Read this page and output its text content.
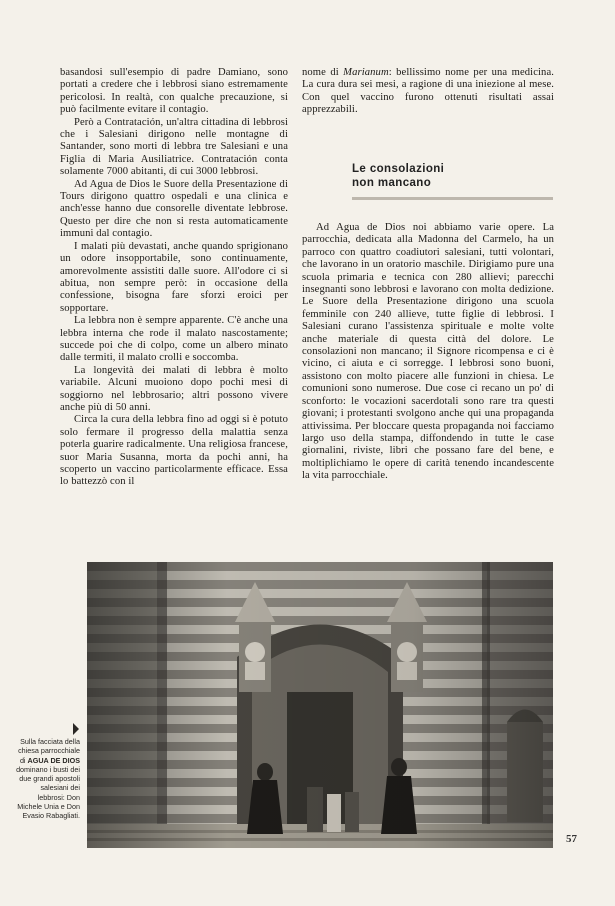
basandosi sull'esempio di padre Damiano, sono portati a credere che i lebbrosi siano estremamente pericolosi. In realtà, con qualche precauzione, si può facilmente evitare il contagio.

Però a Contratación, un'altra cittadina di lebbrosi che i Salesiani dirigono nelle montagne di Santander, sono morti di lebbra tre Salesiani e una Figlia di Maria Ausiliatrice. Contratación conta solamente 7000 abitanti, di cui 3000 lebbrosi.

Ad Agua de Dios le Suore della Presentazione di Tours dirigono quattro ospedali e una clinica e anch'esse hanno due consorelle diventate lebbrose. Questo per dire che non si resta automaticamente immuni dal contagio.

I malati più devastati, anche quando sprigionano un odore insopportabile, sono continuamente, amorevolmente assistiti dalle suore. All'odore ci si abitua, non sempre però: in occasione della confessione, bisogna fare sforzi eroici per sopportare.

La lebbra non è sempre apparente. C'è anche una lebbra interna che rode il malato nascostamente; succede poi che di colpo, come un albero minato dalle termiti, il malato crolli e soccomba.

La longevità dei malati di lebbra è molto variabile. Alcuni muoiono dopo pochi mesi di soggiorno nel lebbrosario; altri possono vivere anche più di 50 anni.

Circa la cura della lebbra fino ad oggi si è potuto solo fermare il progresso della malattia senza poterla guarire radicalmente. Una religiosa francese, suor Maria Susanna, morta da pochi anni, ha scoperto un vaccino particolarmente efficace. Essa lo battezzò con il

nome di Marianum: bellissimo nome per una medicina. La cura dura sei mesi, a ragione di una iniezione al mese. Con quel vaccino furono ottenuti risultati assai apprezzabili.

Le consolazioni
non mancano

Ad Agua de Dios noi abbiamo varie opere. La parrocchia, dedicata alla Madonna del Carmelo, ha un parroco con quattro coadiutori salesiani, tutti volontari, che lavorano in un oratorio maschile. Dirigiamo pure una scuola primaria e tecnica con 280 allievi; parecchi insegnanti sono lebbrosi e lavorano con molta dedizione. Le Suore della Presentazione dirigono una scuola femminile con 240 allieve, tutte figlie di lebbrosi. I Salesiani curano l'assistenza spirituale e molte volte anche materiale di questa città del dolore. Le consolazioni non mancano; il Signore ricompensa e ci è vicino, ci aiuta e ci sorregge. I lebbrosi sono buoni, assistono con molto piacere alle funzioni in chiesa. Le comunioni sono numerose. Due cose ci recano un po' di sconforto: le vocazioni sacerdotali sono rare tra questi giovani; i protestanti svolgono anche qui una propaganda attivissima. Per bloccare questa propaganda noi facciamo largo uso della stampa, diffondendo in tutte le case giornalini, riviste, libri che possano fare del bene, e moltiplichiamo le opere di carità tenendo incandescente la vita parrocchiale.

Sulla facciata della chiesa parrocchiale di AGUA DE DIOS dominano i busti dei due grandi apostoli salesiani dei lebbrosi: Don Michele Unia e Don Evasio Rabagliati.
57
